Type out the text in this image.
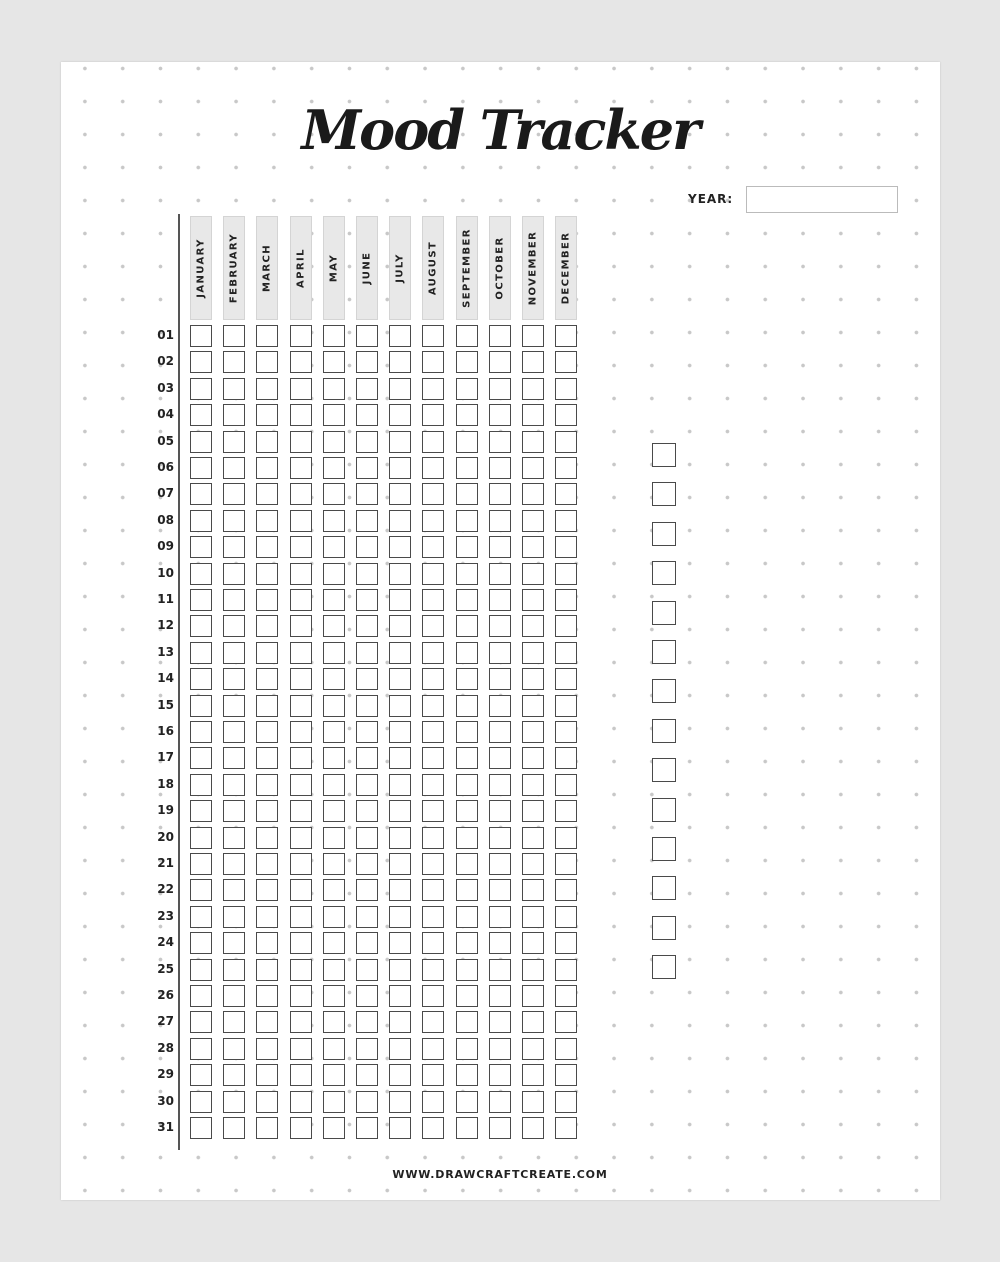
Mood Tracker
YEAR:
JANUARY FEBRUARY MARCH APRIL MAY JUNE JULY AUGUST SEPTEMBER OCTOBER NOVEMBER DECEMBER
01
02
03
04
05
06
07
08
09
10
11
12
13
14
15
16
17
18
19
20
21
22
23
24
25
26
27
28
29
30
31
WWW.DRAWCRAFTCREATE.COM
